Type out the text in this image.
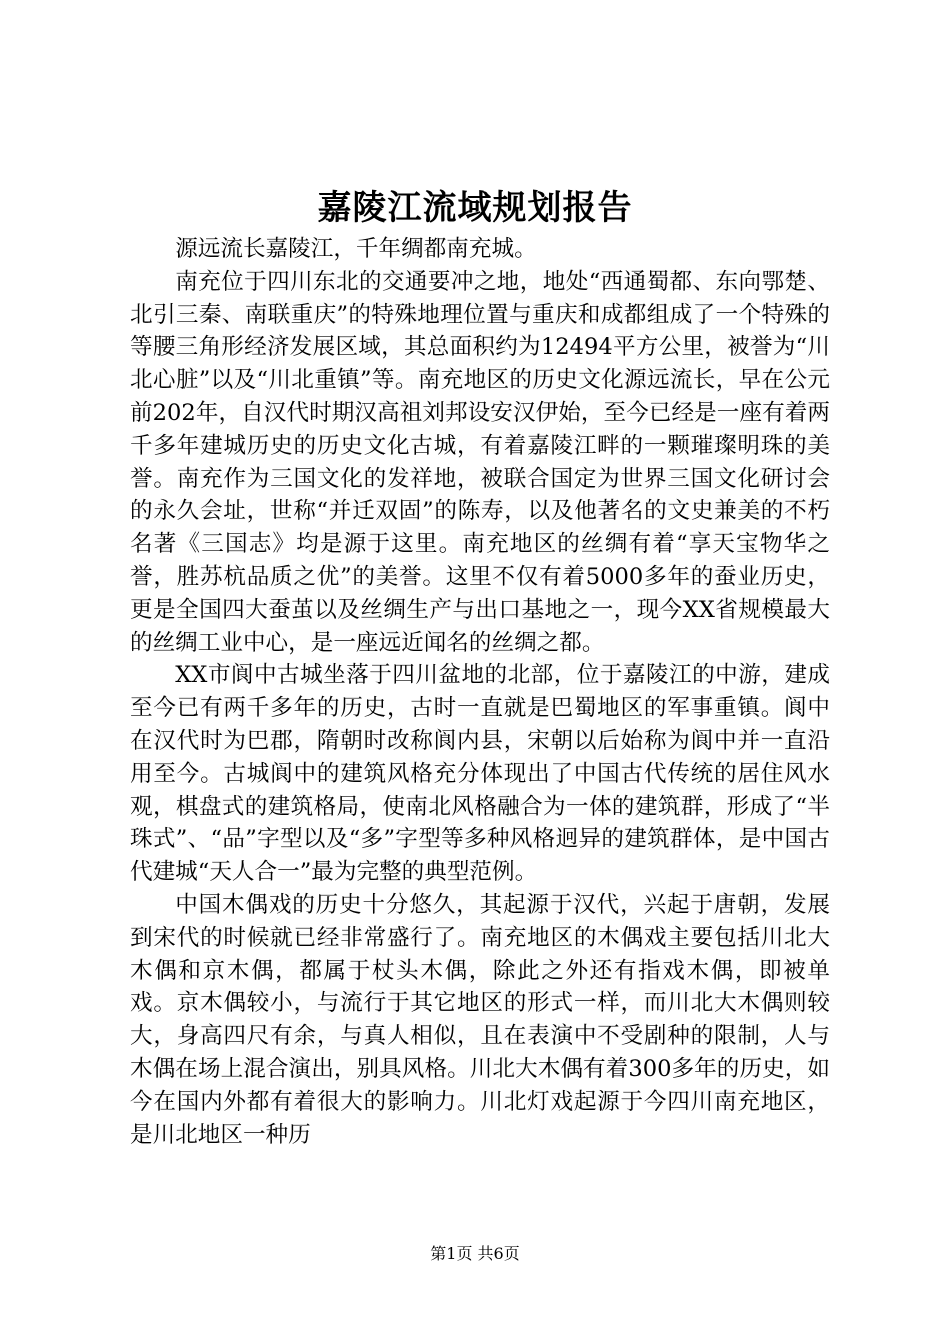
嘉陵江流域规划报告

源远流长嘉陵江，千年绸都南充城。

南充位于四川东北的交通要冲之地，地处“西通蜀都、东向鄂楚、北引三秦、南联重庆”的特殊地理位置与重庆和成都组成了一个特殊的等腰三角形经济发展区域，其总面积约为12494平方公里，被誉为“川北心脏”以及“川北重镇”等。南充地区的历史文化源远流长，早在公元前202年，自汉代时期汉高祖刘邦设安汉伊始，至今已经是一座有着两千多年建城历史的历史文化古城，有着嘉陵江畔的一颗璀璨明珠的美誉。南充作为三国文化的发祥地，被联合国定为世界三国文化研讨会的永久会址，世称“并迁双固”的陈寿，以及他著名的文史兼美的不朽名著《三国志》均是源于这里。南充地区的丝绸有着“享天宝物华之誉，胜苏杭品质之优”的美誉。这里不仅有着5000多年的蚕业历史，更是全国四大蚕茧以及丝绸生产与出口基地之一，现今XX省规模最大的丝绸工业中心，是一座远近闻名的丝绸之都。

XX市阆中古城坐落于四川盆地的北部，位于嘉陵江的中游，建成至今已有两千多年的历史，古时一直就是巴蜀地区的军事重镇。阆中在汉代时为巴郡，隋朝时改称阆内县，宋朝以后始称为阆中并一直沿用至今。古城阆中的建筑风格充分体现出了中国古代传统的居住风水观，棋盘式的建筑格局，使南北风格融合为一体的建筑群，形成了“半珠式”、“品”字型以及“多”字型等多种风格迥异的建筑群体，是中国古代建城“天人合一”最为完整的典型范例。

中国木偶戏的历史十分悠久，其起源于汉代，兴起于唐朝，发展到宋代的时候就已经非常盛行了。南充地区的木偶戏主要包括川北大木偶和京木偶，都属于杖头木偶，除此之外还有指戏木偶，即被单戏。京木偶较小，与流行于其它地区的形式一样，而川北大木偶则较大，身高四尺有余，与真人相似，且在表演中不受剧种的限制，人与木偶在场上混合演出，别具风格。川北大木偶有着300多年的历史，如今在国内外都有着很大的影响力。川北灯戏起源于今四川南充地区，是川北地区一种历

第1页 共6页
